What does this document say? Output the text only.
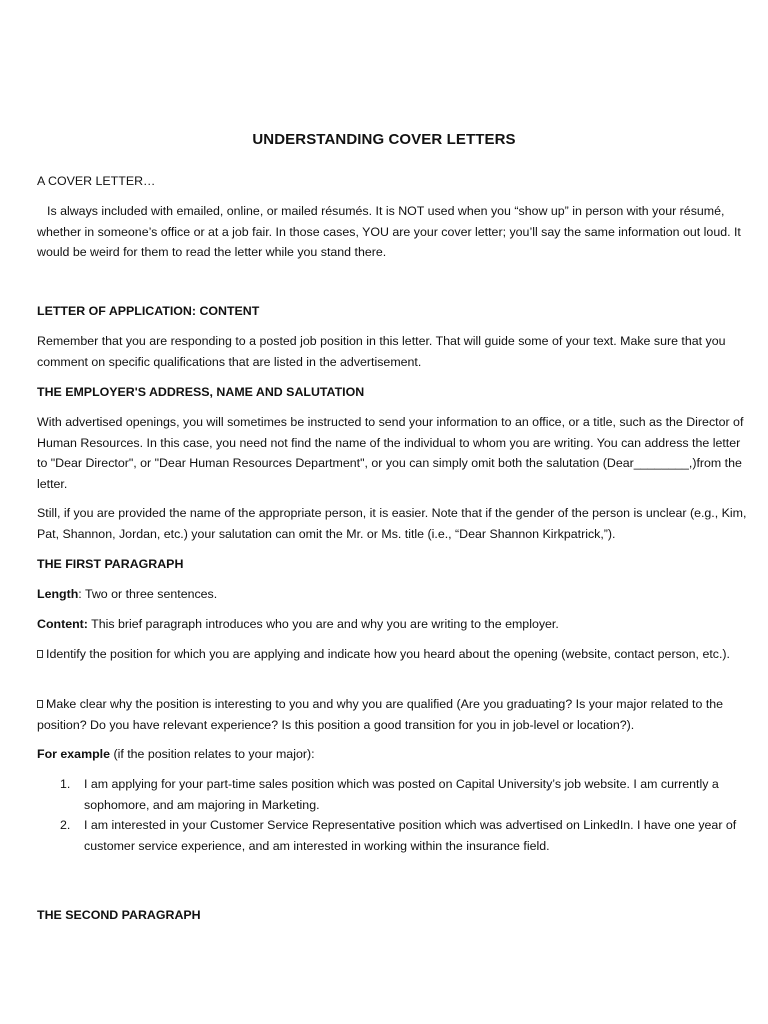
UNDERSTANDING COVER LETTERS

A COVER LETTER…

Is always included with emailed, online, or mailed résumés. It is NOT used when you “show up” in person with your résumé, whether in someone’s office or at a job fair. In those cases, YOU are your cover letter; you’ll say the same information out loud. It would be weird for them to read the letter while you stand there.

LETTER OF APPLICATION: CONTENT

Remember that you are responding to a posted job position in this letter. That will guide some of your text. Make sure that you comment on specific qualifications that are listed in the advertisement.

THE EMPLOYER'S ADDRESS, NAME AND SALUTATION

With advertised openings, you will sometimes be instructed to send your information to an office, or a title, such as the Director of Human Resources. In this case, you need not find the name of the individual to whom you are writing. You can address the letter to "Dear Director", or "Dear Human Resources Department", or you can simply omit both the salutation (Dear________,)from the letter.

Still, if you are provided the name of the appropriate person, it is easier. Note that if the gender of the person is unclear (e.g., Kim, Pat, Shannon, Jordan, etc.) your salutation can omit the Mr. or Ms. title (i.e., “Dear Shannon Kirkpatrick,”).

THE FIRST PARAGRAPH

Length: Two or three sentences.

Content: This brief paragraph introduces who you are and why you are writing to the employer.

Identify the position for which you are applying and indicate how you heard about the opening (website, contact person, etc.).

Make clear why the position is interesting to you and why you are qualified (Are you graduating? Is your major related to the position? Do you have relevant experience? Is this position a good transition for you in job-level or location?).

For example (if the position relates to your major):

1. I am applying for your part-time sales position which was posted on Capital University’s job website. I am currently a sophomore, and am majoring in Marketing.
2. I am interested in your Customer Service Representative position which was advertised on LinkedIn. I have one year of customer service experience, and am interested in working within the insurance field.

THE SECOND PARAGRAPH
